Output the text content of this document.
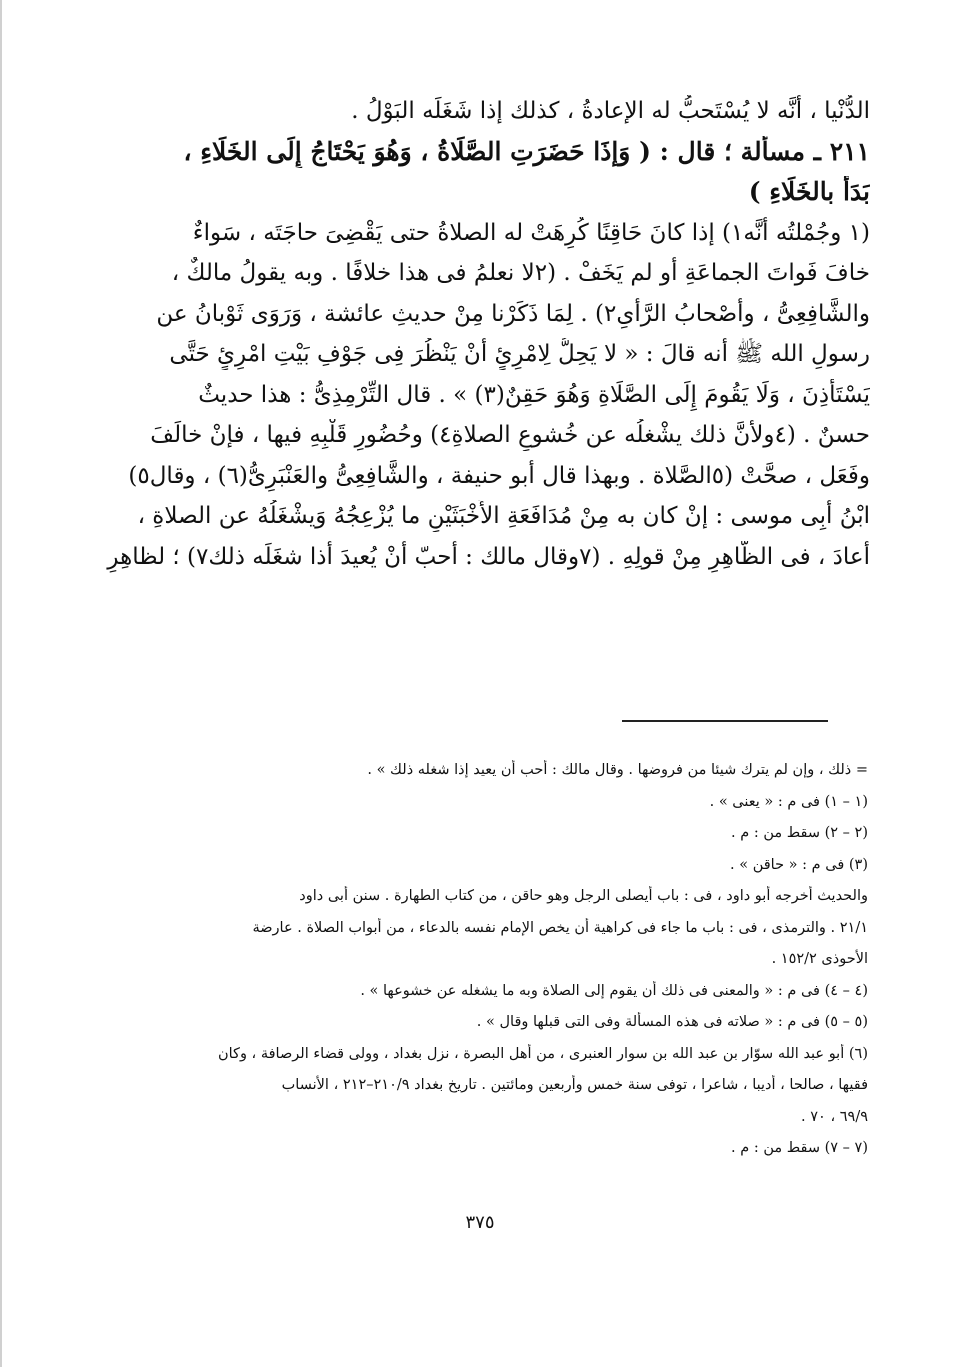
الدُّنْيا ، أنَّه لا يُسْتَحبُّ له الإعادةُ ، كذلك إذا شَغَلَه البَوْلُ .
٢١١ ـ مسألة ؛ قال : ( وَإذَا حَضَرَتِ الصَّلَاةُ ، وَهُوَ يَحْتَاجُ إِلَى الخَلَاءِ ،
بَدَأَ بالخَلَاءِ )
(١ وجُمْلتُه أنَّه١) إذا كانَ حَاقِنًا كُرِهَتْ له الصلاةُ حتى يَقْضِىَ حاجَتَه ، سَواءٌ
خافَ فَواتَ الجماعَةِ أو لم يَخَفْ . (٢لا نعلمُ فى هذا خلافًا . وبه يقولُ مالكٌ ،
والشَّافِعِىُّ ، وأَصْحابُ الرَّأْىِ٢) . لِمَا ذَكَرْنا مِنْ حديثِ عائشة ، وَرَوَى ثَوْبانُ عن
رسولِ الله ﷺ أنه قالَ : « لا يَحِلُّ لِامْرِئٍ أَنْ يَنْظُرَ فِى جَوْفِ بَيْتِ امْرِئٍ حَتَّى
يَسْتَأْذِنَ ، وَلَا يَقُومَ إِلَى الصَّلَاةِ وَهُوَ حَقِنٌ(٣) » . قال التِّرْمِذِىُّ : هذا حديثٌ
حسنٌ . (٤ولأنَّ ذلك يشْغلُه عن خُشوعِ الصلاةِ٤) وحُضُورِ قَلْبِهِ فيها ، فإنْ خالَفَ
وفَعَل ، صحَّتْ (٥الصَّلاة . وبهذا قال أبو حنيفة ، والشَّافِعِىُّ والعَنْبَرِىُّ(٦) ، وقال٥)
ابْنُ أَبِى موسى : إنْ كان به مِنْ مُدَافَعَةِ الأَخْبَثَيْنِ ما يُزْعِجُهُ وَيشْغَلُهُ عن الصلاةِ ،
أعادَ ، فى الظَّاهِرِ مِنْ قولِهِ . (٧وقال مالك : أحبّ أنْ يُعيدَ أذا شغَلَه ذلك٧) ؛ لظاهِرِ
= ذلك ، وإن لم يترك شيئا من فروضها . وقال مالك : أحب أن يعيد إذا شغله ذلك » .
(١ – ١) فى م : « يعنى » .
(٢ – ٢) سقط من : م .
(٣) فى م : « حاقن » .
والحديث أخرجه أبو داود ، فى : باب أيصلى الرجل وهو حاقن ، من كتاب الطهارة . سنن أبى داود
٢١/١ . والترمذى ، فى : باب ما جاء فى كراهية أن يخص الإمام نفسه بالدعاء ، من أبواب الصلاة . عارضة
الأحوذى ١٥٢/٢ .
(٤ – ٤) فى م : « والمعنى فى ذلك أن يقوم إلى الصلاة وبه ما يشغله عن خشوعها » .
(٥ – ٥) فى م : « صلاته فى هذه المسألة وفى التى قبلها وقال » .
(٦) أبو عبد الله سوّار بن عبد الله بن سوار العنبرى ، من أهل البصرة ، نزل بغداد ، وولى قضاء الرصافة ، وكان
فقيها ، صالحا ، أديبا ، شاعرا ، توفى سنة خمس وأربعين ومائتين . تاريخ بغداد ٢١٠/٩–٢١٢ ، الأنساب
٦٩/٩ ، ٧٠ .
(٧ – ٧) سقط من : م .
٣٧٥
